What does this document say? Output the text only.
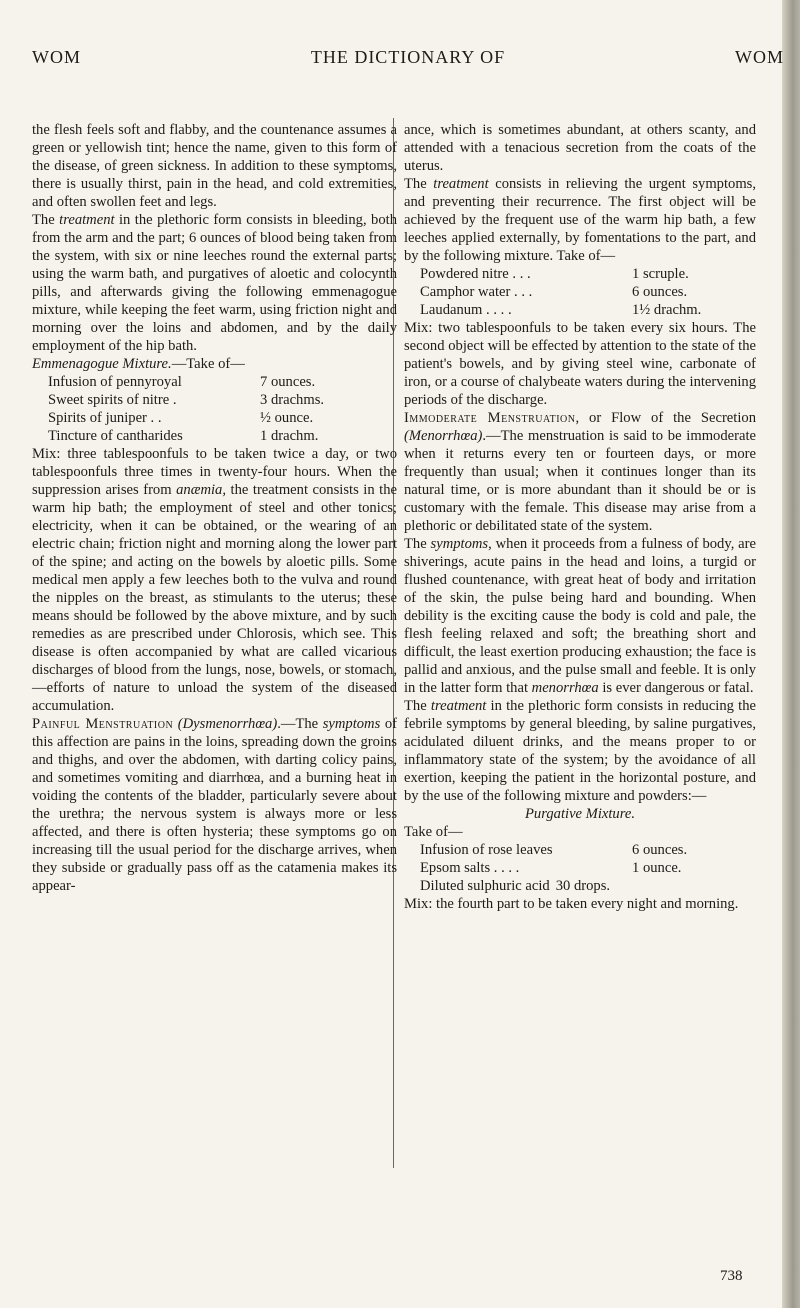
WOM	THE DICTIONARY OF	WOM

the flesh feels soft and flabby, and the countenance assumes a green or yellowish tint; hence the name, given to this form of the disease, of green sickness. In addition to these symptoms, there is usually thirst, pain in the head, and cold extremities, and often swollen feet and legs.

The treatment in the plethoric form consists in bleeding, both from the arm and the part; 6 ounces of blood being taken from the system, with six or nine leeches round the external parts; using the warm bath, and purgatives of aloetic and colocynth pills, and afterwards giving the following emmenagogue mixture, while keeping the feet warm, using friction night and morning over the loins and abdomen, and by the daily employment of the hip bath.

Emmenagogue Mixture.—Take of—

Infusion of pennyroyal	7 ounces.
Sweet spirits of nitre .	3 drachms.
Spirits of juniper . .	½ ounce.
Tincture of cantharides	1 drachm.

Mix: three tablespoonfuls to be taken twice a day, or two tablespoonfuls three times in twenty-four hours. When the suppression arises from anæmia, the treatment consists in the warm hip bath; the employment of steel and other tonics; electricity, when it can be obtained, or the wearing of an electric chain; friction night and morning along the lower part of the spine; and acting on the bowels by aloetic pills. Some medical men apply a few leeches both to the vulva and round the nipples on the breast, as stimulants to the uterus; these means should be followed by the above mixture, and by such remedies as are prescribed under Chlorosis, which see. This disease is often accompanied by what are called vicarious discharges of blood from the lungs, nose, bowels, or stomach,—efforts of nature to unload the system of the diseased accumulation.

Painful Menstruation (Dysmenorrhœa).—The symptoms of this affection are pains in the loins, spreading down the groins and thighs, and over the abdomen, with darting colicy pains, and sometimes vomiting and diarrhœa, and a burning heat in voiding the contents of the bladder, particularly severe about the urethra; the nervous system is always more or less affected, and there is often hysteria; these symptoms go on increasing till the usual period for the discharge arrives, when they subside or gradually pass off as the catamenia makes its appear-

ance, which is sometimes abundant, at others scanty, and attended with a tenacious secretion from the coats of the uterus.

The treatment consists in relieving the urgent symptoms, and preventing their recurrence. The first object will be achieved by the frequent use of the warm hip bath, a few leeches applied externally, by fomentations to the part, and by the following mixture. Take of—

Powdered nitre . . .	1 scruple.
Camphor water . . .	6 ounces.
Laudanum . . . .	1½ drachm.

Mix: two tablespoonfuls to be taken every six hours. The second object will be effected by attention to the state of the patient's bowels, and by giving steel wine, carbonate of iron, or a course of chalybeate waters during the intervening periods of the discharge.

Immoderate Menstruation, or Flow of the Secretion (Menorrhœa).—The menstruation is said to be immoderate when it returns every ten or fourteen days, or more frequently than usual; when it continues longer than its natural time, or is more abundant than it should be or is customary with the female. This disease may arise from a plethoric or debilitated state of the system.

The symptoms, when it proceeds from a fulness of body, are shiverings, acute pains in the head and loins, a turgid or flushed countenance, with great heat of body and irritation of the skin, the pulse being hard and bounding. When debility is the exciting cause the body is cold and pale, the flesh feeling relaxed and soft; the breathing short and difficult, the least exertion producing exhaustion; the face is pallid and anxious, and the pulse small and feeble. It is only in the latter form that menorrhœa is ever dangerous or fatal.

The treatment in the plethoric form consists in reducing the febrile symptoms by general bleeding, by saline purgatives, acidulated diluent drinks, and the means proper to or inflammatory state of the system; by the avoidance of all exertion, keeping the patient in the horizontal posture, and by the use of the following mixture and powders:—

Purgative Mixture.

Take of—

Infusion of rose leaves	6 ounces.
Epsom salts . . . .	1 ounce.
Diluted sulphuric acid 30 drops.

Mix: the fourth part to be taken every night and morning.

738
